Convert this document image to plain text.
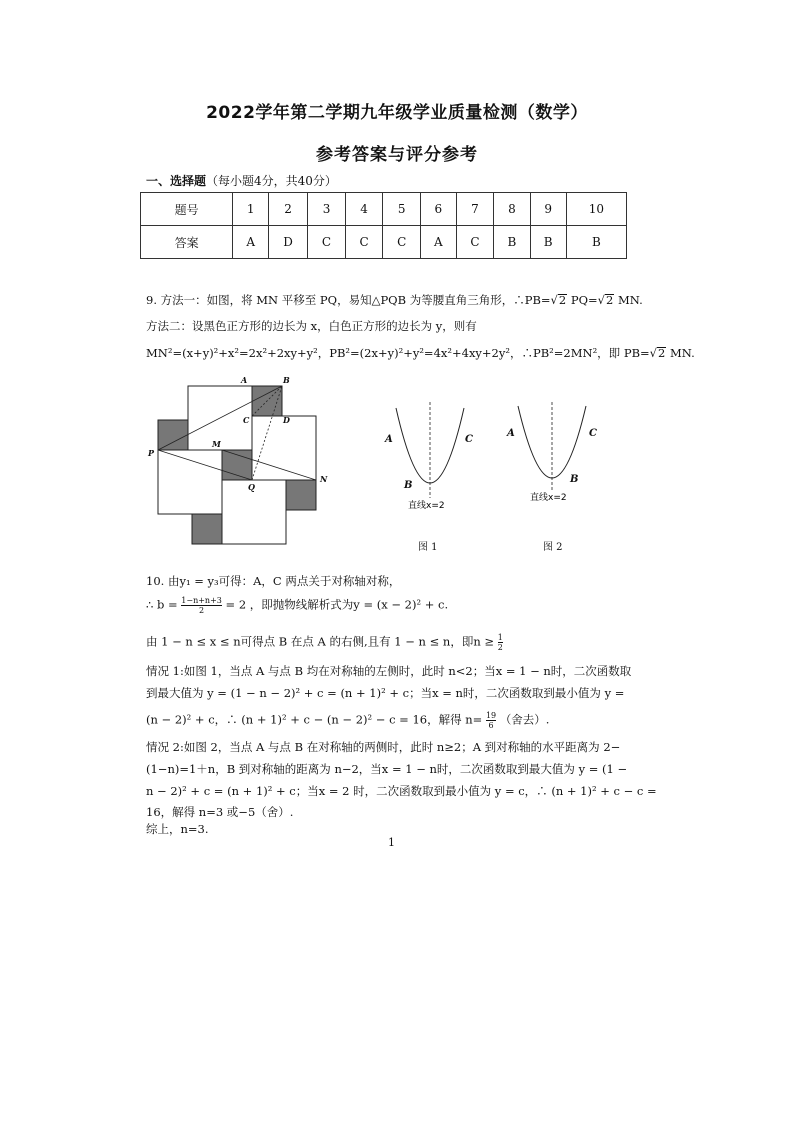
2022学年第二学期九年级学业质量检测（数学）
参考答案与评分参考
一、选择题（每小题4分，共40分）
题号	1	2	3	4	5	6	7	8	9	10
答案	A	D	C	C	C	A	C	B	B	B
9. 方法一：如图，将 MN 平移至 PQ，易知△PQB 为等腰直角三角形，∴PB=√2 PQ=√2 MN.
方法二：设黑色正方形的边长为 x，白色正方形的边长为 y，则有
MN²=(x+y)²+x²=2x²+2xy+y²，PB²=(2x+y)²+y²=4x²+4xy+2y²，∴PB²=2MN²，即 PB=√2 MN.
A	B
C	D
M
P
Q
N
A	C
B
直线x=2
图 1
A	C
B
直线x=2
图 2
10. 由y₁ = y₃可得：A，C 两点关于对称轴对称，
∴ $b = \frac{1-n+n+3}{2} = 2$ ，即抛物线解析式为y = (x − 2)² + c.
由 1 − n ≤ x ≤ n可得点 B 在点 A 的右侧,且有 1 − n ≤ n，即$n \ge \frac{1}{2}$
情况 1:如图 1，当点 A 与点 B 均在对称轴的左侧时，此时 n<2；当x = 1 − n时，二次函数取
到最大值为 y = (1 − n − 2)² + c = (n + 1)² + c；当x = n时，二次函数取到最小值为 y =
(n − 2)² + c，∴ (n + 1)² + c − (n − 2)² − c = 16，解得 $n= \frac{19}{6}$ （舍去）.
情况 2:如图 2，当点 A 与点 B 在对称轴的两侧时，此时 n≥2；A 到对称轴的水平距离为 2−
(1−n)=1＋n，B 到对称轴的距离为 n−2，当x = 1 − n时，二次函数取到最大值为 y = (1 −
n − 2)² + c = (n + 1)² + c；当x = 2 时，二次函数取到最小值为 y = c，∴ (n + 1)² + c − c =
16，解得 n=3 或−5（舍）.
综上，n=3.
1
